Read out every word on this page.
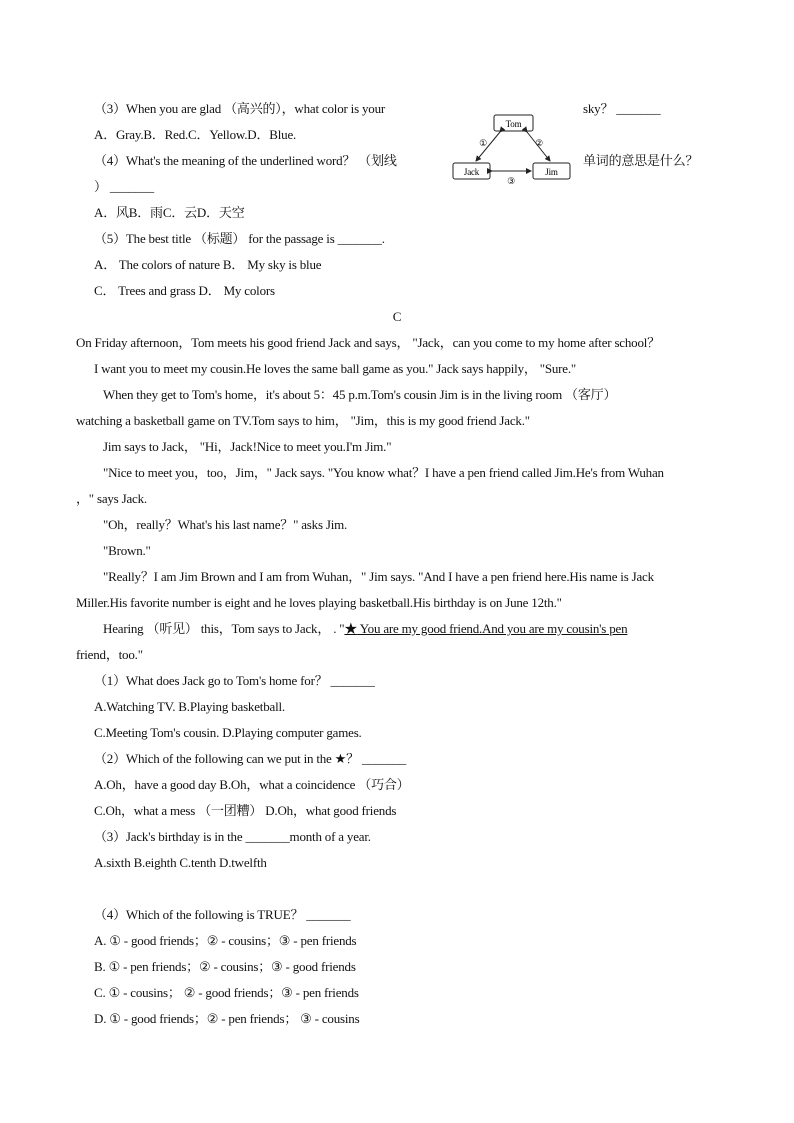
（3）When you are glad （高兴的），what color is your	sky？ _______
A．Gray.B．Red.C．Yellow.D．Blue.
（4）What's the meaning of the underlined word？ （划线	单词的意思是什么？
） _______
A．风B．雨C．云D．天空
（5）The best title （标题） for the passage is _______.
A． The colors of nature B． My sky is blue
C． Trees and grass D． My colors
Tom
Jack	Jim
①	②
③
C
On Friday afternoon，Tom meets his good friend Jack and says， "Jack，can you come to my home after school？
I want you to meet my cousin.He loves the same ball game as you." Jack says happily， "Sure."
When they get to Tom's home，it's about 5：45 p.m.Tom's cousin Jim is in the living room （客厅）
watching a basketball game on TV.Tom says to him， "Jim，this is my good friend Jack."
Jim says to Jack， "Hi，Jack!Nice to meet you.I'm Jim."
"Nice to meet you，too，Jim，" Jack says. "You know what？I have a pen friend called Jim.He's from Wuhan
，" says Jack.
"Oh，really？What's his last name？" asks Jim.
"Brown."
"Really？I am Jim Brown and I am from Wuhan，" Jim says. "And I have a pen friend here.His name is Jack
Miller.His favorite number is eight and he loves playing basketball.His birthday is on June 12th."
Hearing （听见） this，Tom says to Jack， . "★ You are my good friend.And you are my cousin's pen
friend，too."
（1）What does Jack go to Tom's home for？ _______
A.Watching TV. B.Playing basketball.
C.Meeting Tom's cousin. D.Playing computer games.
（2）Which of the following can we put in the ★？ _______
A.Oh，have a good day B.Oh，what a coincidence （巧合）
C.Oh，what a mess （一团糟） D.Oh，what good friends
（3）Jack's birthday is in the _______month of a year.
A.sixth B.eighth C.tenth D.twelfth
（4）Which of the following is TRUE？ _______
A. ① - good friends；② - cousins；③ - pen friends
B. ① - pen friends；② - cousins；③ - good friends
C. ① - cousins； ② - good friends；③ - pen friends
D. ① - good friends；② - pen friends； ③ - cousins
